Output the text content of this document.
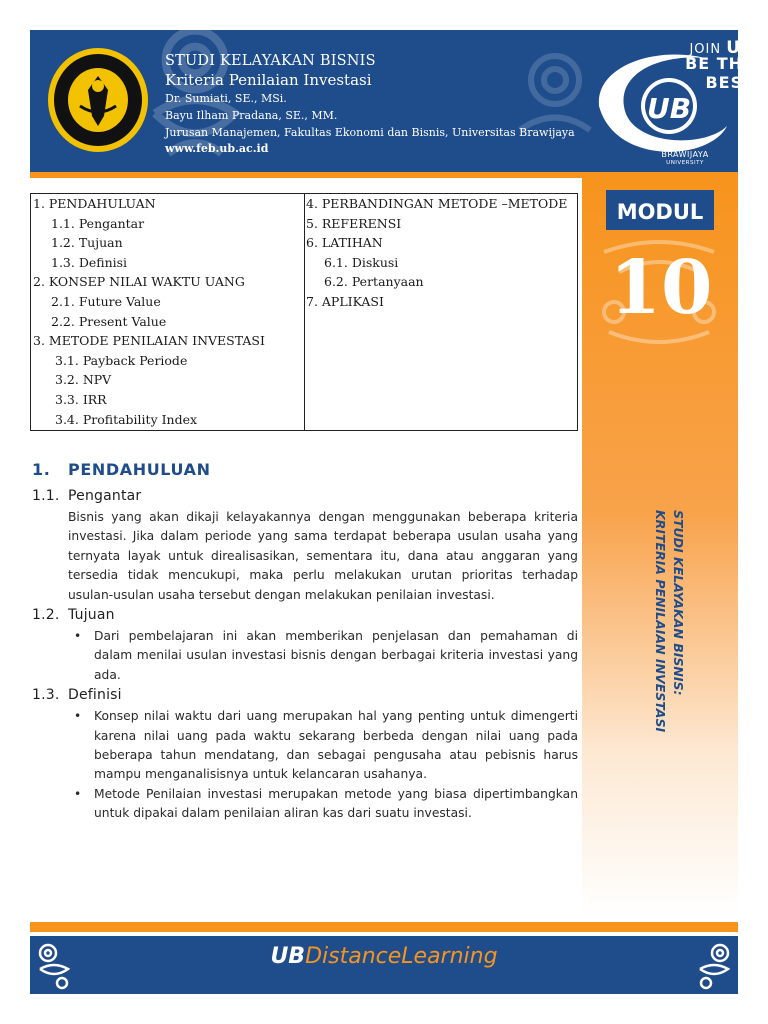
STUDI KELAYAKAN BISNIS
Kriteria Penilaian Investasi
Dr. Sumiati, SE., MSi.
Bayu Ilham Pradana, SE., MM.
Jurusan Manajemen, Fakultas Ekonomi dan Bisnis, Universitas Brawijaya
www.feb.ub.ac.id
UB
JOIN UB
BE THE BEST
BRAWIJAYA
UNIVERSITY
MODUL
10
STUDI KELAYAKAN BISNIS:
KRITERIA PENILAIAN INVESTASI
1. PENDAHULUAN
1.1. Pengantar
1.2. Tujuan
1.3. Definisi
2. KONSEP NILAI WAKTU UANG
2.1. Future Value
2.2. Present Value
3. METODE PENILAIAN INVESTASI
3.1. Payback Periode
3.2. NPV
3.3. IRR
3.4. Profitability Index
4. PERBANDINGAN METODE –METODE
5. REFERENSI
6. LATIHAN
6.1. Diskusi
6.2. Pertanyaan
7. APLIKASI
1. PENDAHULUAN
1.1. Pengantar
Bisnis yang akan dikaji kelayakannya dengan menggunakan beberapa kriteria investasi. Jika dalam periode yang sama terdapat beberapa usulan usaha yang ternyata layak untuk direalisasikan, sementara itu, dana atau anggaran yang tersedia tidak mencukupi, maka perlu melakukan urutan prioritas terhadap usulan-usulan usaha tersebut dengan melakukan penilaian investasi.
1.2. Tujuan
• Dari pembelajaran ini akan memberikan penjelasan dan pemahaman di dalam menilai usulan investasi bisnis dengan berbagai kriteria investasi yang ada.
1.3. Definisi
• Konsep nilai waktu dari uang merupakan hal yang penting untuk dimengerti karena nilai uang pada waktu sekarang berbeda dengan nilai uang pada beberapa tahun mendatang, dan sebagai pengusaha atau pebisnis harus mampu menganalisisnya untuk kelancaran usahanya.
• Metode Penilaian investasi merupakan metode yang biasa dipertimbangkan untuk dipakai dalam penilaian aliran kas dari suatu investasi.
UBDistanceLearning
